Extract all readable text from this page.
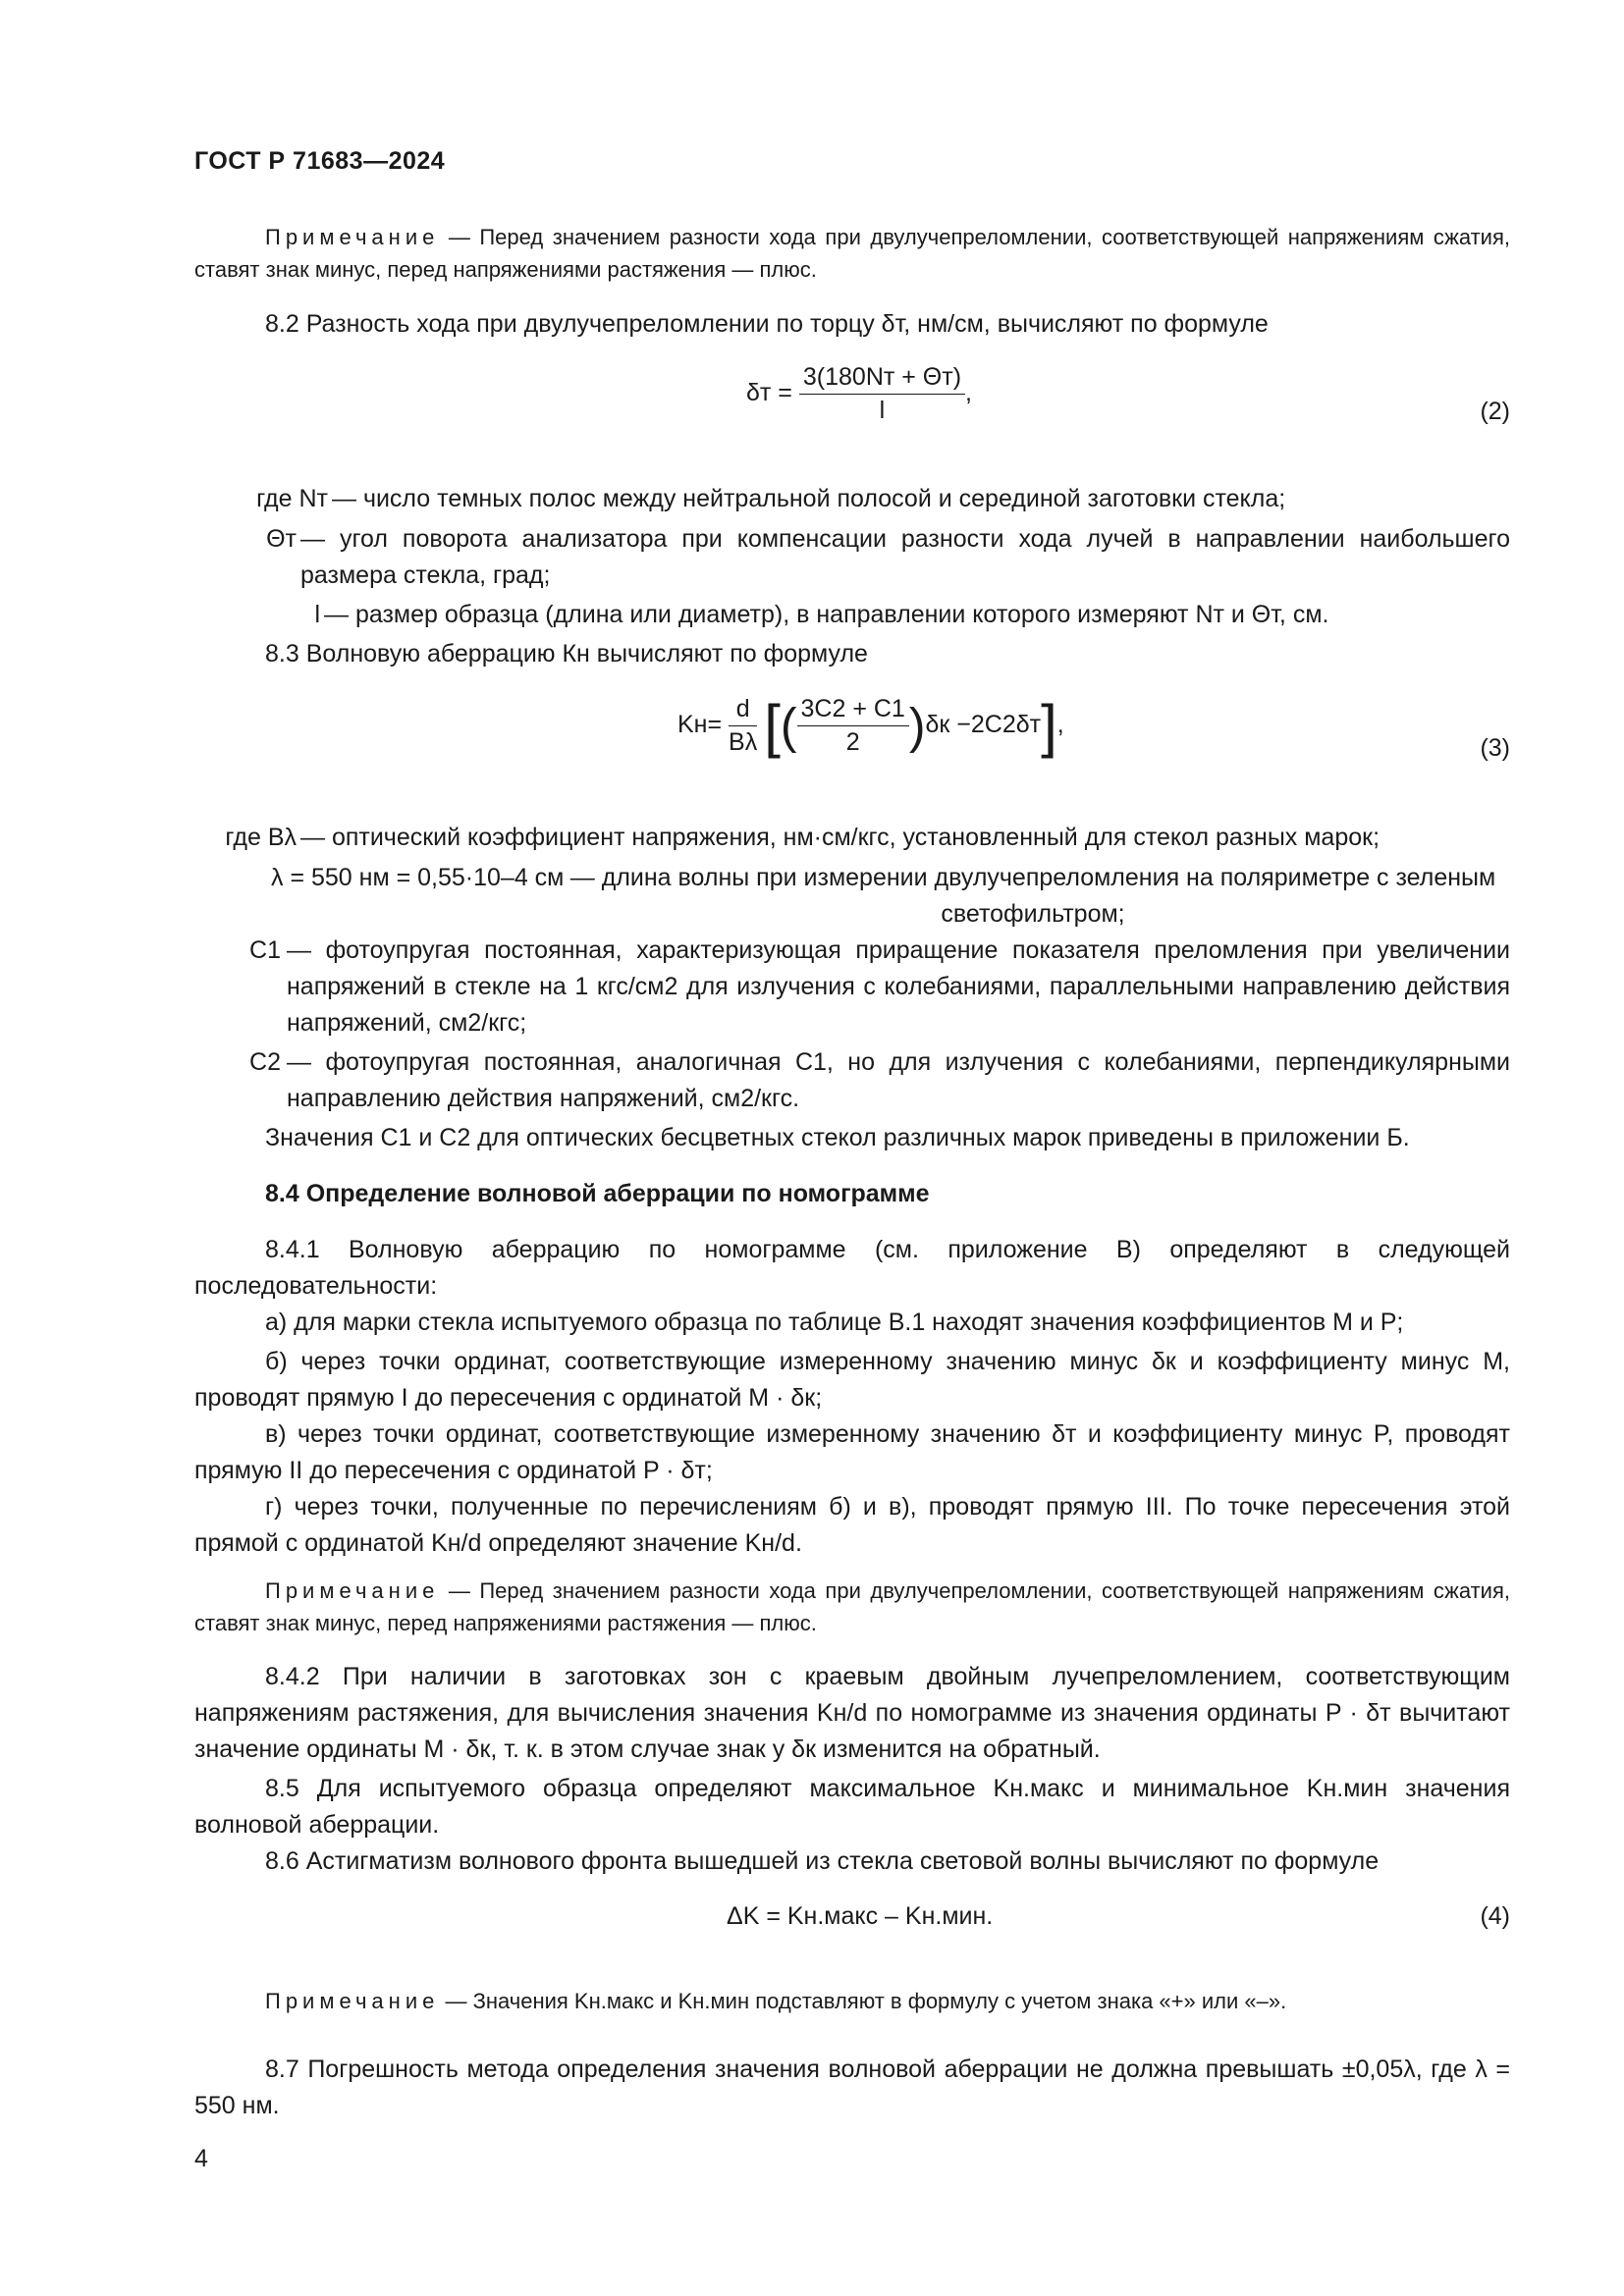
ГОСТ Р 71683—2024
Примечание — Перед значением разности хода при двулучепреломлении, соответствующей напряжениям сжатия, ставят знак минус, перед напряжениями растяжения — плюс.
8.2 Разность хода при двулучепреломлении по торцу δт, нм/см, вычисляют по формуле
$\delta т = \frac{3(180Nт + \Theta т)}{l}$ ,
(2)
где Nт — число темных полос между нейтральной полосой и серединой заготовки стекла;
Θт — угол поворота анализатора при компенсации разности хода лучей в направлении наибольшего размера стекла, град;
l — размер образца (длина или диаметр), в направлении которого измеряют Nт и Θт, см.
8.3 Волновую аберрацию Кн вычисляют по формуле
$Kн= \frac{d}{B\lambda}$ [( $\frac{3C2 + C1}{2} )\delta к -2C2\delta т$],
(3)
где Bλ — оптический коэффициент напряжения, нм·см/кгс, установленный для стекол разных марок;
λ = 550 нм = 0,55·10–4 см — длина волны при измерении двулучепреломления на поляриметре с зеленым светофильтром;
C1 — фотоупругая постоянная, характеризующая приращение показателя преломления при увеличении напряжений в стекле на 1 кгс/см2 для излучения с колебаниями, параллельными направлению действия напряжений, см2/кгс;
C2 — фотоупругая постоянная, аналогичная C1, но для излучения с колебаниями, перпендикулярными направлению действия напряжений, см2/кгс.
Значения C1 и C2 для оптических бесцветных стекол различных марок приведены в приложении Б.
8.4 Определение волновой аберрации по номограмме
8.4.1 Волновую аберрацию по номограмме (см. приложение В) определяют в следующей последовательности:
а) для марки стекла испытуемого образца по таблице В.1 находят значения коэффициентов M и P;
б) через точки ординат, соответствующие измеренному значению минус δк и коэффициенту минус M, проводят прямую I до пересечения с ординатой M · δк;
в) через точки ординат, соответствующие измеренному значению δт и коэффициенту минус P, проводят прямую II до пересечения с ординатой P · δт;
г) через точки, полученные по перечислениям б) и в), проводят прямую III. По точке пересечения этой прямой с ординатой Kн/d определяют значение Kн/d.
Примечание — Перед значением разности хода при двулучепреломлении, соответствующей напряжениям сжатия, ставят знак минус, перед напряжениями растяжения — плюс.
8.4.2 При наличии в заготовках зон с краевым двойным лучепреломлением, соответствующим напряжениям растяжения, для вычисления значения Kн/d по номограмме из значения ординаты P · δт вычитают значение ординаты M · δк, т. к. в этом случае знак у δк изменится на обратный.
8.5 Для испытуемого образца определяют максимальное Kн.макс и минимальное Kн.мин значения волновой аберрации.
8.6 Астигматизм волнового фронта вышедшей из стекла световой волны вычисляют по формуле
ΔK = Kн.макс – Kн.мин.	(4)
Примечание — Значения Kн.макс и Kн.мин подставляют в формулу с учетом знака «+» или «–».
8.7 Погрешность метода определения значения волновой аберрации не должна превышать ±0,05λ, где λ = 550 нм.
4
